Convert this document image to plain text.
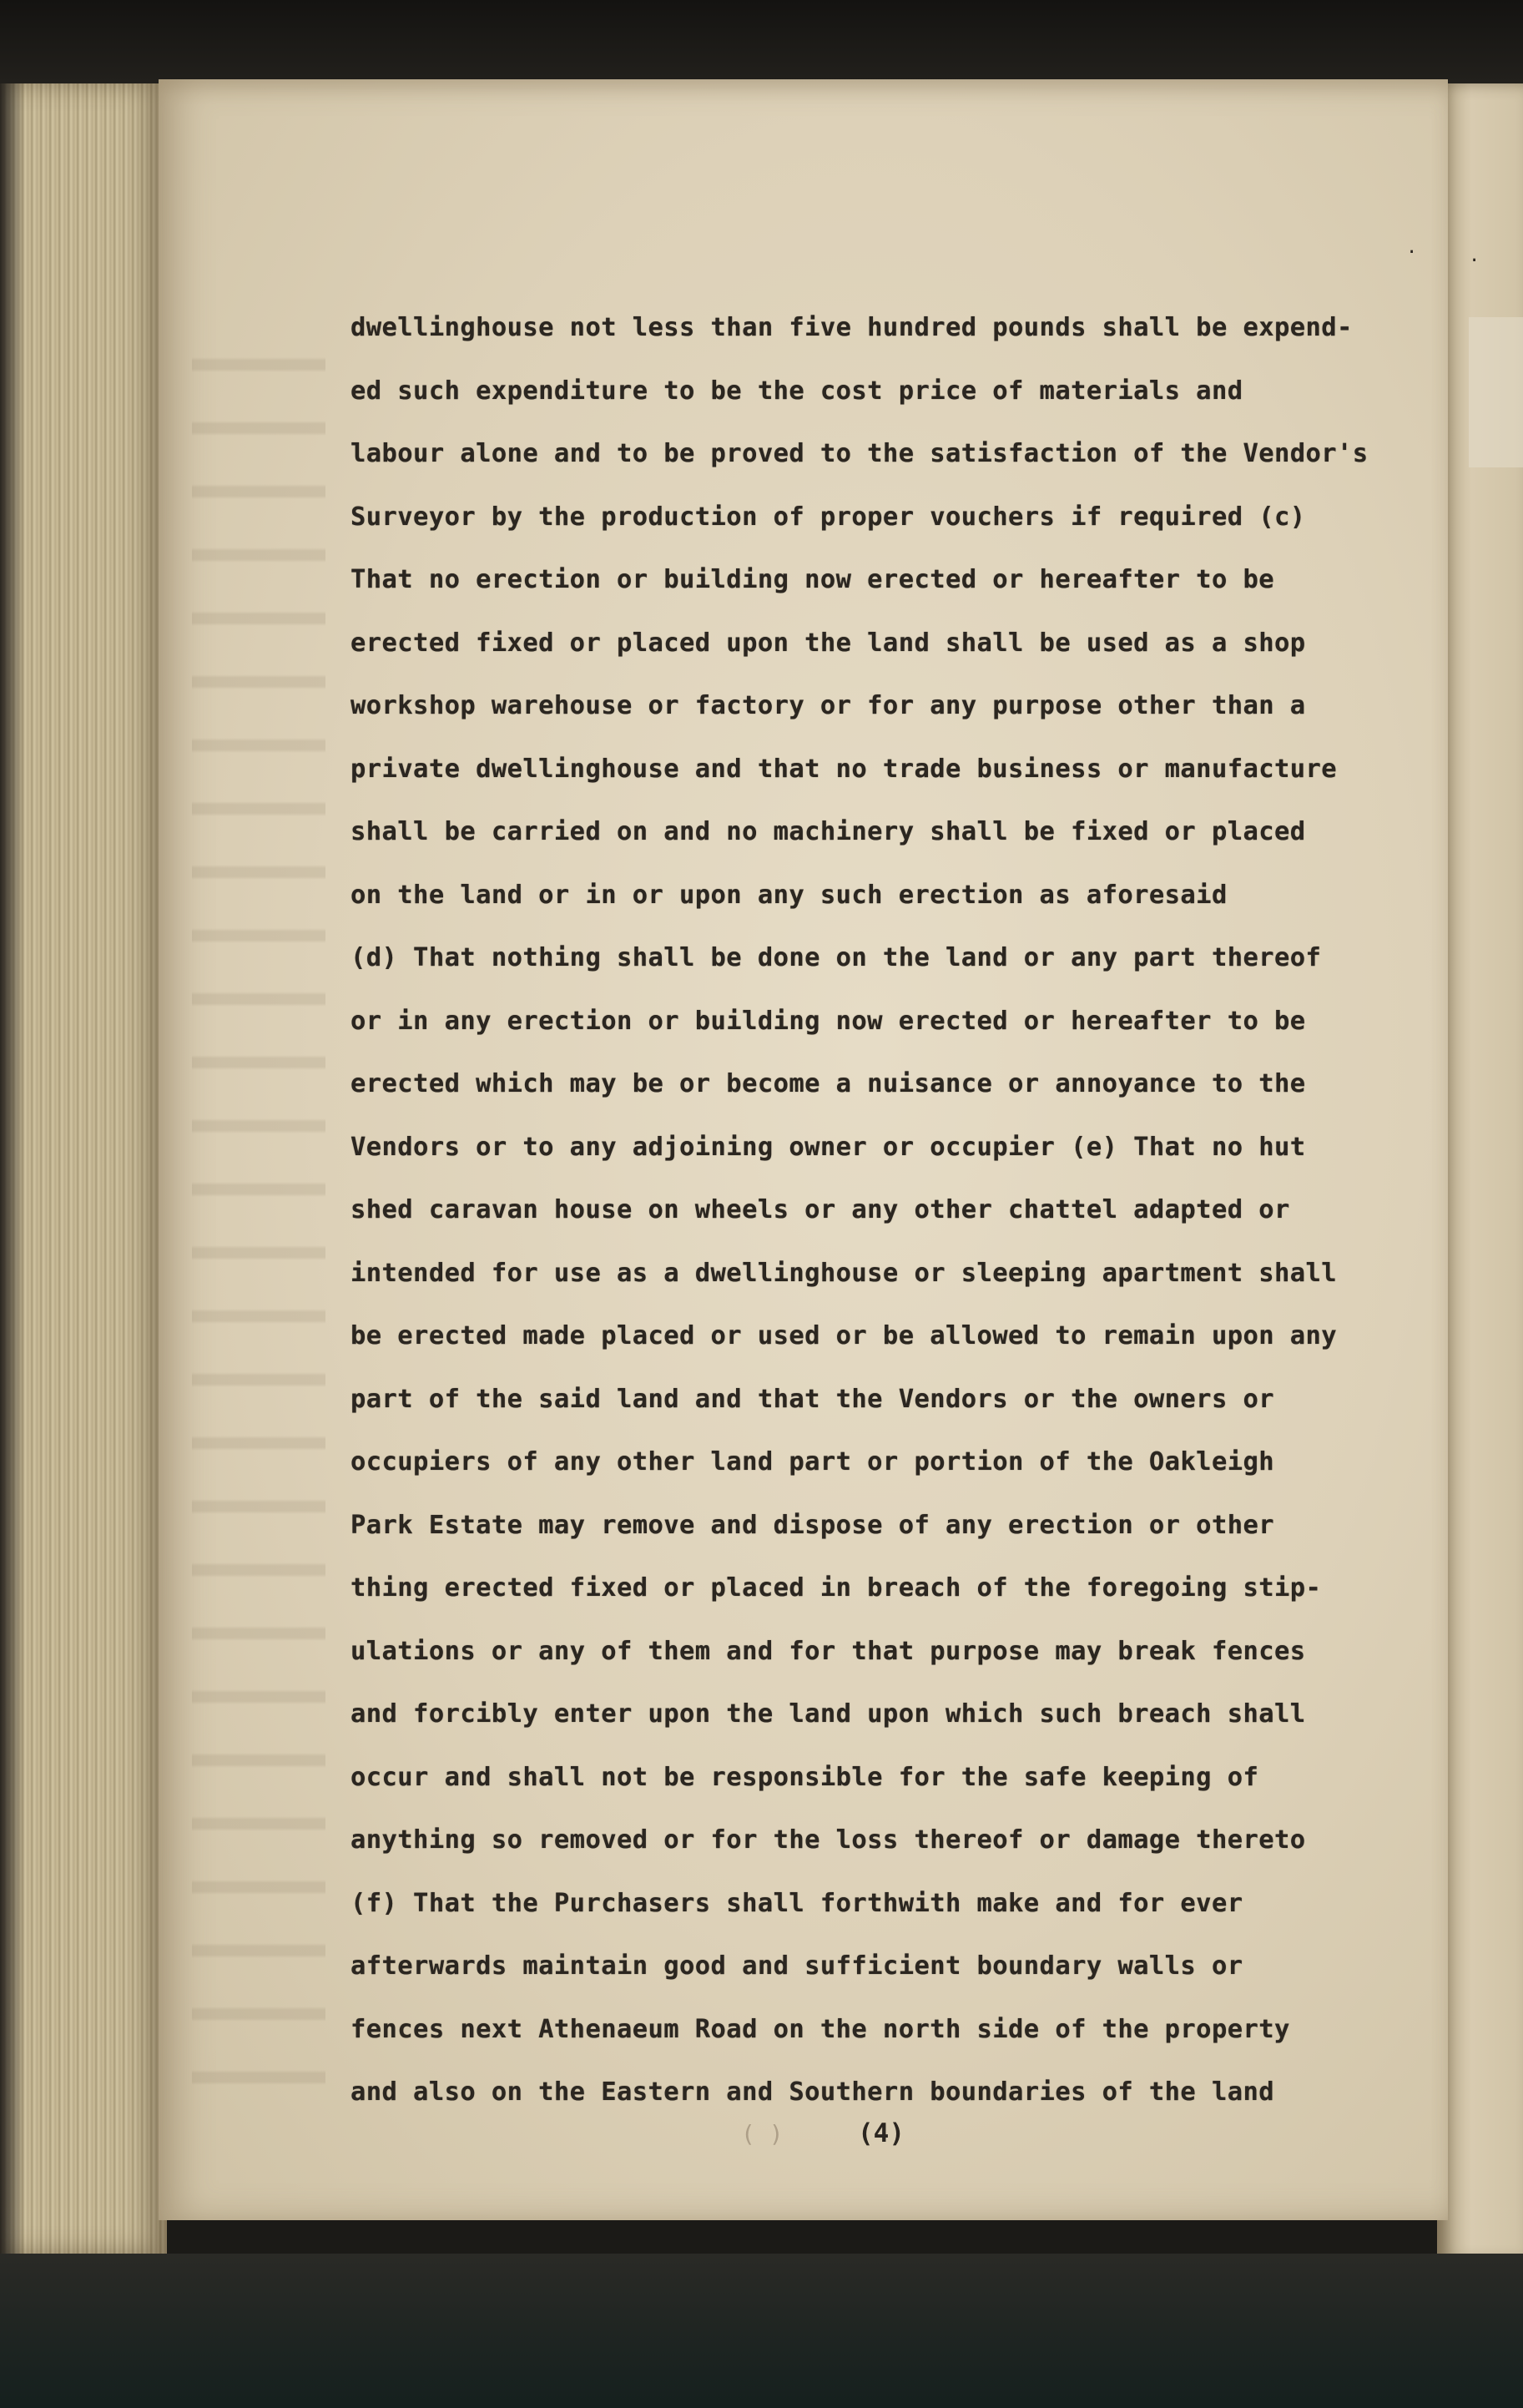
·	·
dwellinghouse not less than five hundred pounds shall be expend-
ed such expenditure to be the cost price of materials and
labour alone and to be proved to the satisfaction of the Vendor's
Surveyor by the production of proper vouchers if required (c)
That no erection or building now erected or hereafter to be
erected fixed or placed upon the land shall be used as a shop
workshop warehouse or factory or for any purpose other than a
private dwellinghouse and that no trade business or manufacture
shall be carried on and no machinery shall be fixed or placed
on the land or in or upon any such erection as aforesaid
(d) That nothing shall be done on the land or any part thereof
or in any erection or building now erected or hereafter to be
erected which may be or become a nuisance or annoyance to the
Vendors or to any adjoining owner or occupier (e) That no hut
shed caravan house on wheels or any other chattel adapted or
intended for use as a dwellinghouse or sleeping apartment shall
be erected made placed or used or be allowed to remain upon any
part of the said land and that the Vendors or the owners or
occupiers of any other land part or portion of the Oakleigh
Park Estate may remove and dispose of any erection or other
thing erected fixed or placed in breach of the foregoing stip-
ulations or any of them and for that purpose may break fences
and forcibly enter upon the land upon which such breach shall
occur and shall not be responsible for the safe keeping of
anything so removed or for the loss thereof or damage thereto
(f) That the Purchasers shall forthwith make and for ever
afterwards maintain good and sufficient boundary walls or
fences next Athenaeum Road on the north side of the property
and also on the Eastern and Southern boundaries of the land
( )	(4)
